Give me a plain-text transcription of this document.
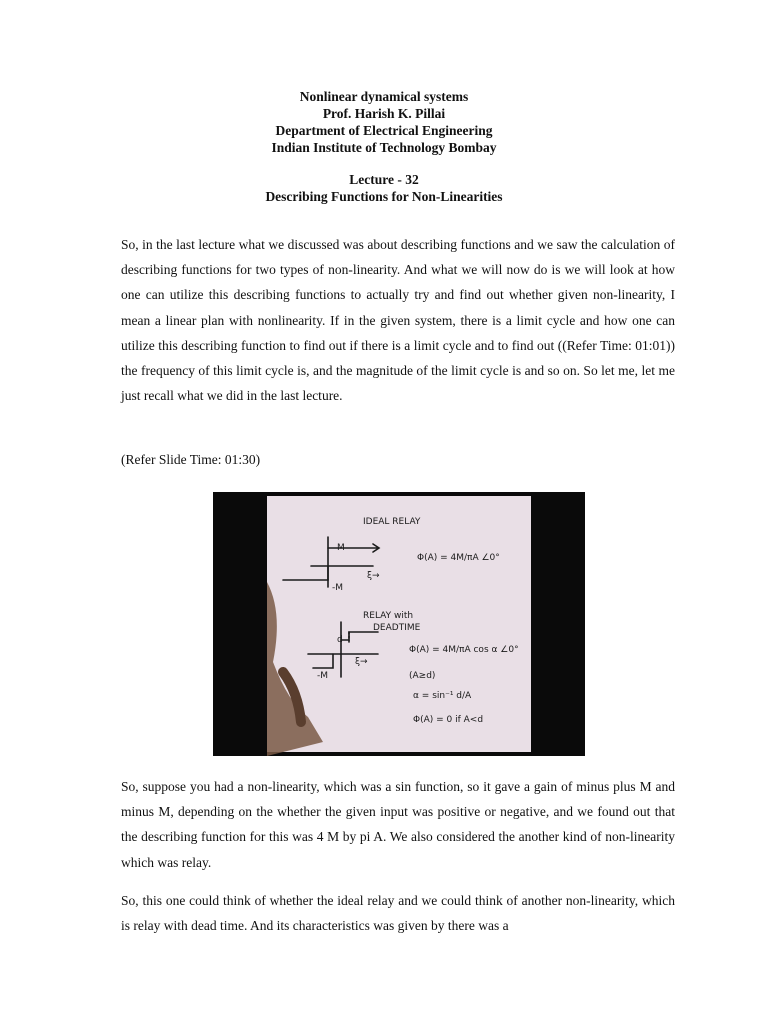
Nonlinear dynamical systems
Prof. Harish K. Pillai
Department of Electrical Engineering
Indian Institute of Technology Bombay
Lecture - 32
Describing Functions for Non-Linearities

So, in the last lecture what we discussed was about describing functions and we saw the calculation of describing functions for two types of non-linearity. And what we will now do is we will look at how one can utilize this describing functions to actually try and find out whether given non-linearity, I mean a linear plan with nonlinearity. If in the given system, there is a limit cycle and how one can utilize this describing function to find out if there is a limit cycle and to find out ((Refer Time: 01:01)) the frequency of this limit cycle is, and the magnitude of the limit cycle is and so on. So let me, let me just recall what we did in the last lecture.

(Refer Slide Time: 01:30)
IDEAL RELAY
M
-M
ξ→
Φ(A) = 4M/πA ∠0°
RELAY with
DEADTIME
d
-M
ξ→
Φ(A) = 4M/πA cos α ∠0°
(A≥d)
α = sin⁻¹ d/A
Φ(A) = 0 if A<d

So, suppose you had a non-linearity, which was a sin function, so it gave a gain of minus plus M and minus M, depending on the whether the given input was positive or negative, and we found out that the describing function for this was 4 M by pi A. We also considered the another kind of non-linearity which was relay.

So, this one could think of whether the ideal relay and we could think of another non-linearity, which is relay with dead time. And its characteristics was given by there was a
